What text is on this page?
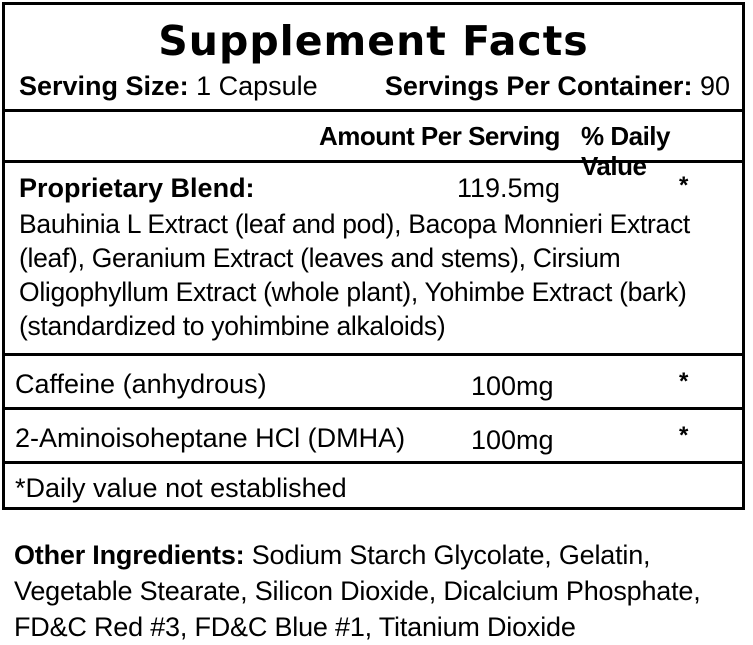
Supplement Facts
Serving Size: 1 Capsule Servings Per Container: 90
Amount Per Serving % Daily Value
Proprietary Blend:	119.5mg	*
Bauhinia L Extract (leaf and pod), Bacopa Monnieri Extract
(leaf), Geranium Extract (leaves and stems), Cirsium
Oligophyllum Extract (whole plant), Yohimbe Extract (bark)
(standardized to yohimbine alkaloids)
Caffeine (anhydrous)	100mg	*
2-Aminoisoheptane HCl (DMHA) 100mg	*
*Daily value not established
Other Ingredients: Sodium Starch Glycolate, Gelatin, Vegetable Stearate, Silicon Dioxide, Dicalcium Phosphate, FD&C Red #3, FD&C Blue #1, Titanium Dioxide
